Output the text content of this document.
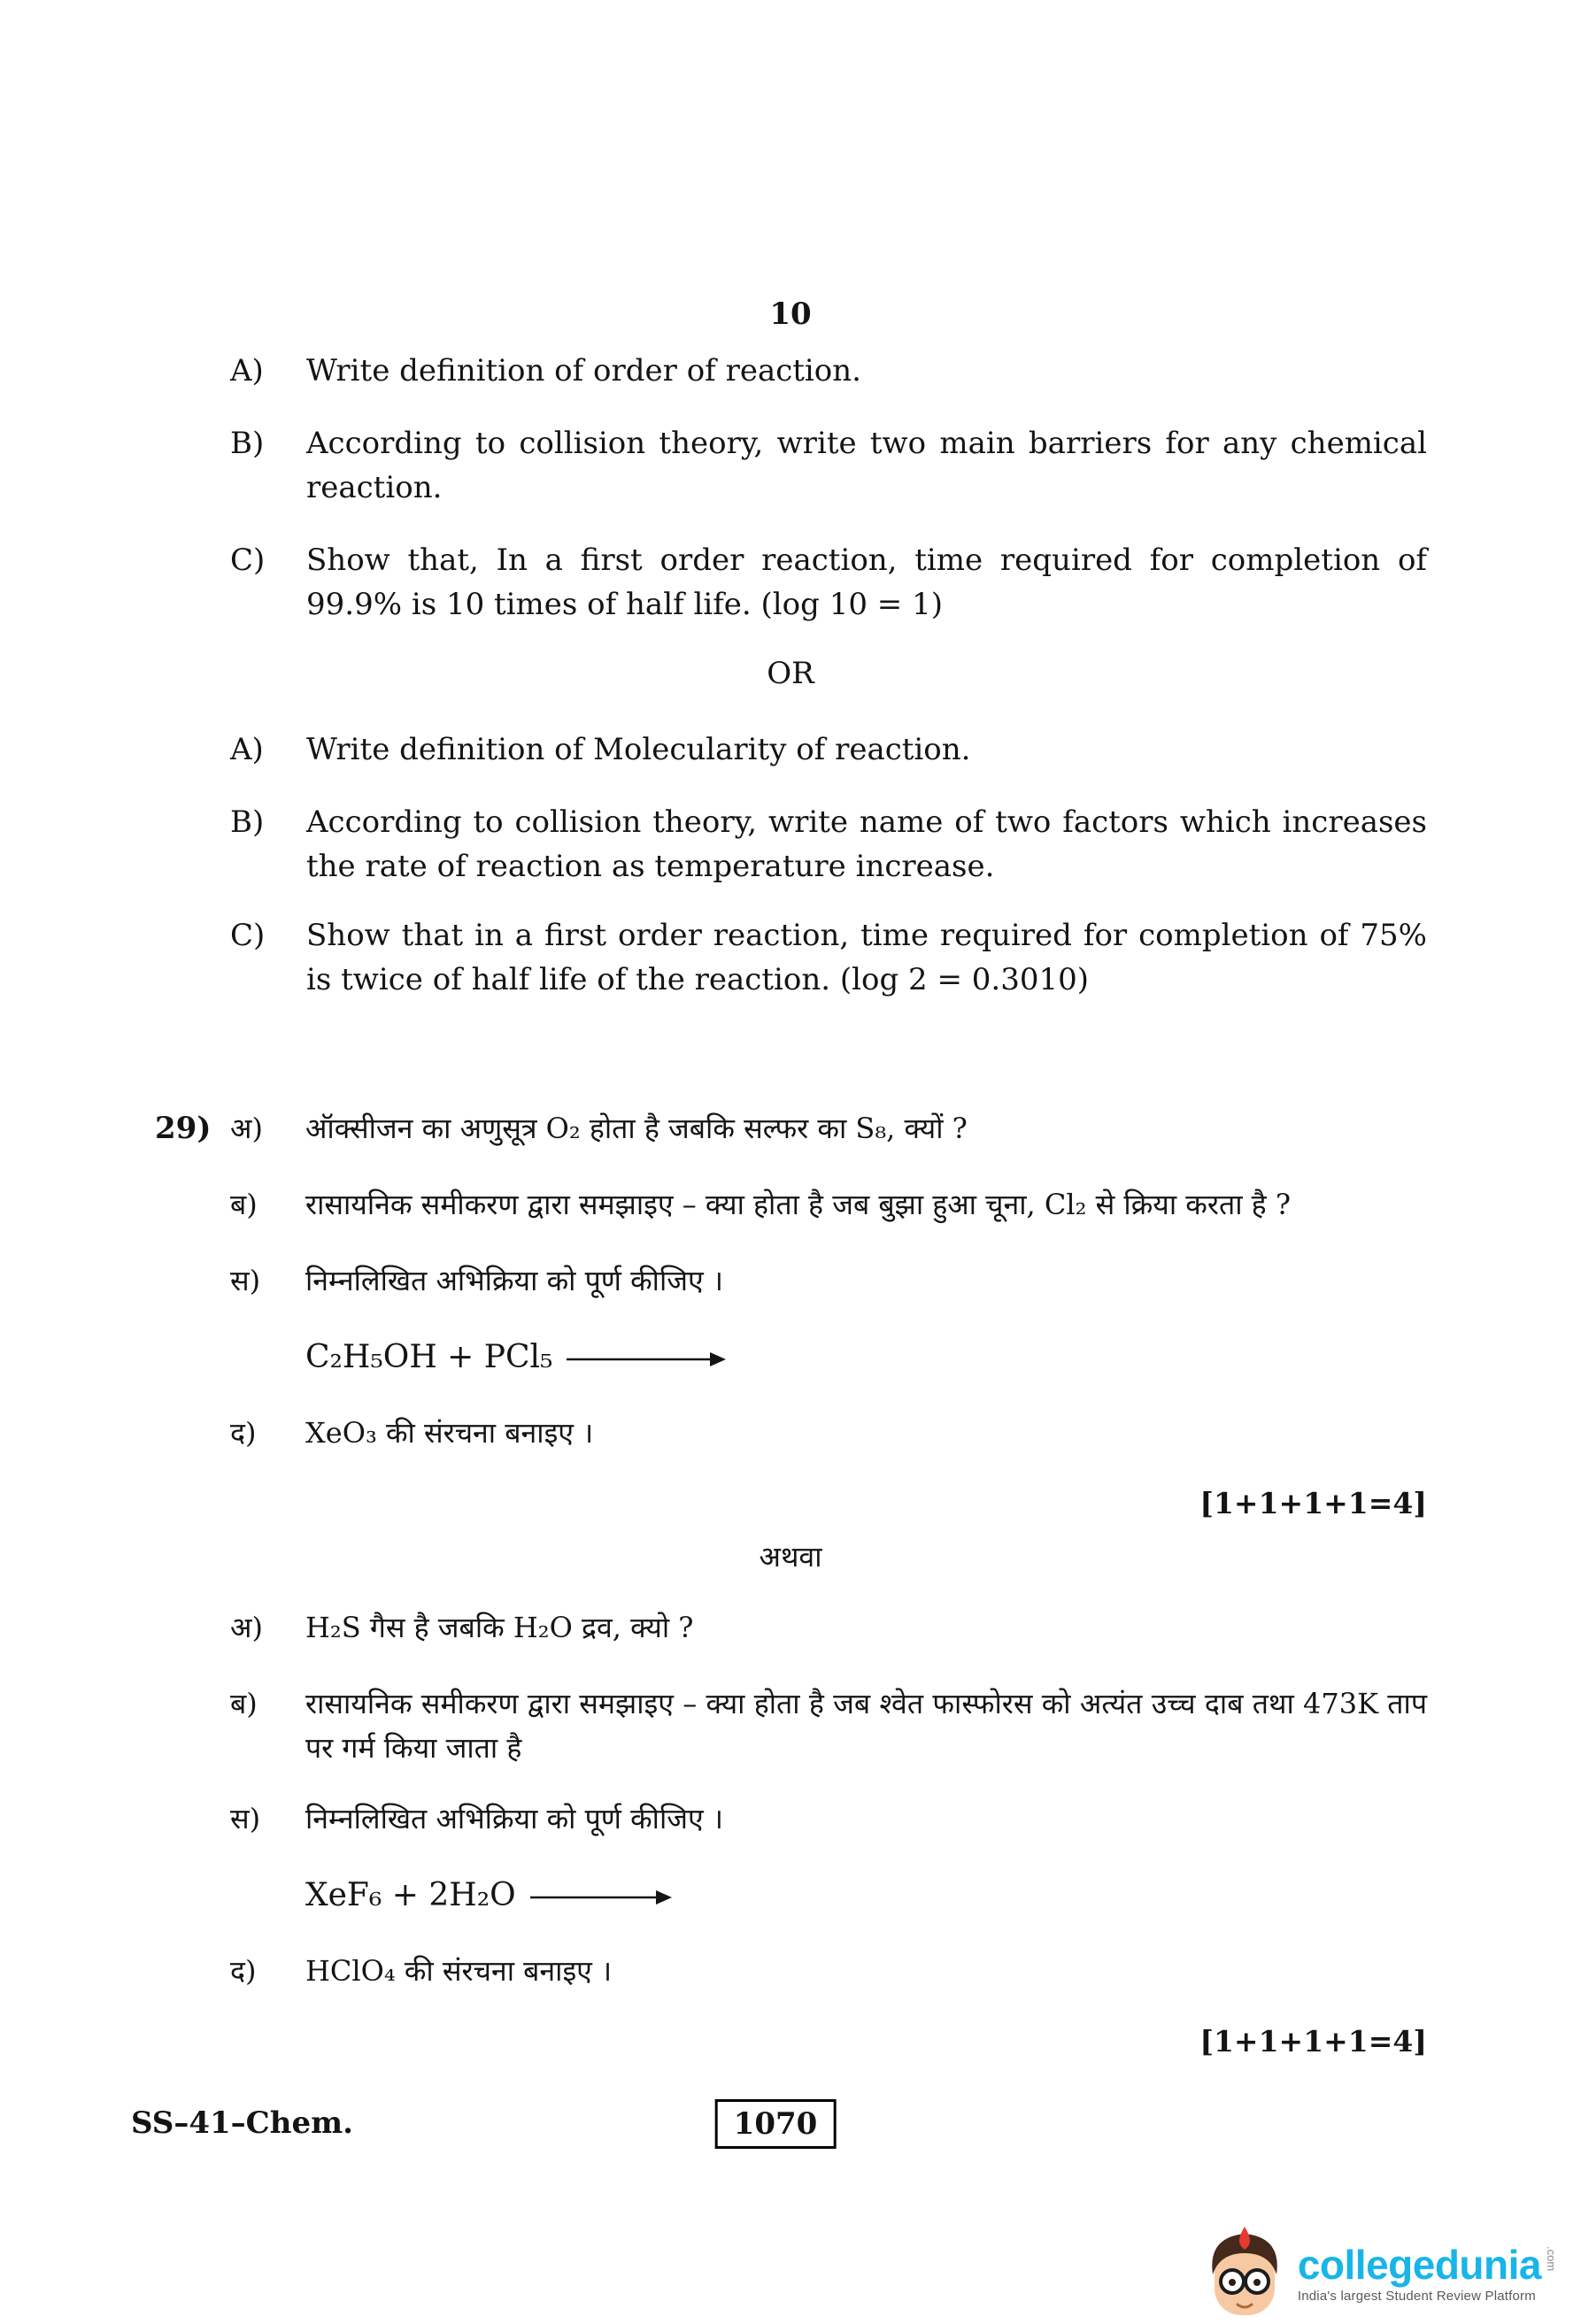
10
A)	Write definition of order of reaction.

B)	According to collision theory, write two main barriers for any chemical reaction.

C)	Show that, In a first order reaction, time required for completion of 99.9% is 10 times of half life. (log 10 = 1)

OR
A)	Write definition of Molecularity of reaction.

B)	According to collision theory, write name of two factors which increases the rate of reaction as temperature increase.

C)	Show that in a first order reaction, time required for completion of 75% is twice of half life of the reaction. (log 2 = 0.3010)

29) अ)	ऑक्सीजन का अणुसूत्र O₂ होता है जबकि सल्फर का S₈, क्यों ?

ब)	रासायनिक समीकरण द्वारा समझाइए – क्या होता है जब बुझा हुआ चूना, Cl₂ से क्रिया करता है ?

स)	निम्नलिखित अभिक्रिया को पूर्ण कीजिए ।

C₂H₅OH + PCl₅
द)	XeO₃ की संरचना बनाइए ।

[1+1+1+1=4]
अथवा
अ)	H₂S गैस है जबकि H₂O द्रव, क्यो ?

ब)	रासायनिक समीकरण द्वारा समझाइए – क्या होता है जब श्वेत फास्फोरस को अत्यंत उच्च दाब तथा 473K ताप पर गर्म किया जाता है

स)	निम्नलिखित अभिक्रिया को पूर्ण कीजिए ।

XeF₆ + 2H₂O
द)	HClO₄ की संरचना बनाइए ।

[1+1+1+1=4]
SS–41–Chem.	1070
collegedunia .com
India's largest Student Review Platform
